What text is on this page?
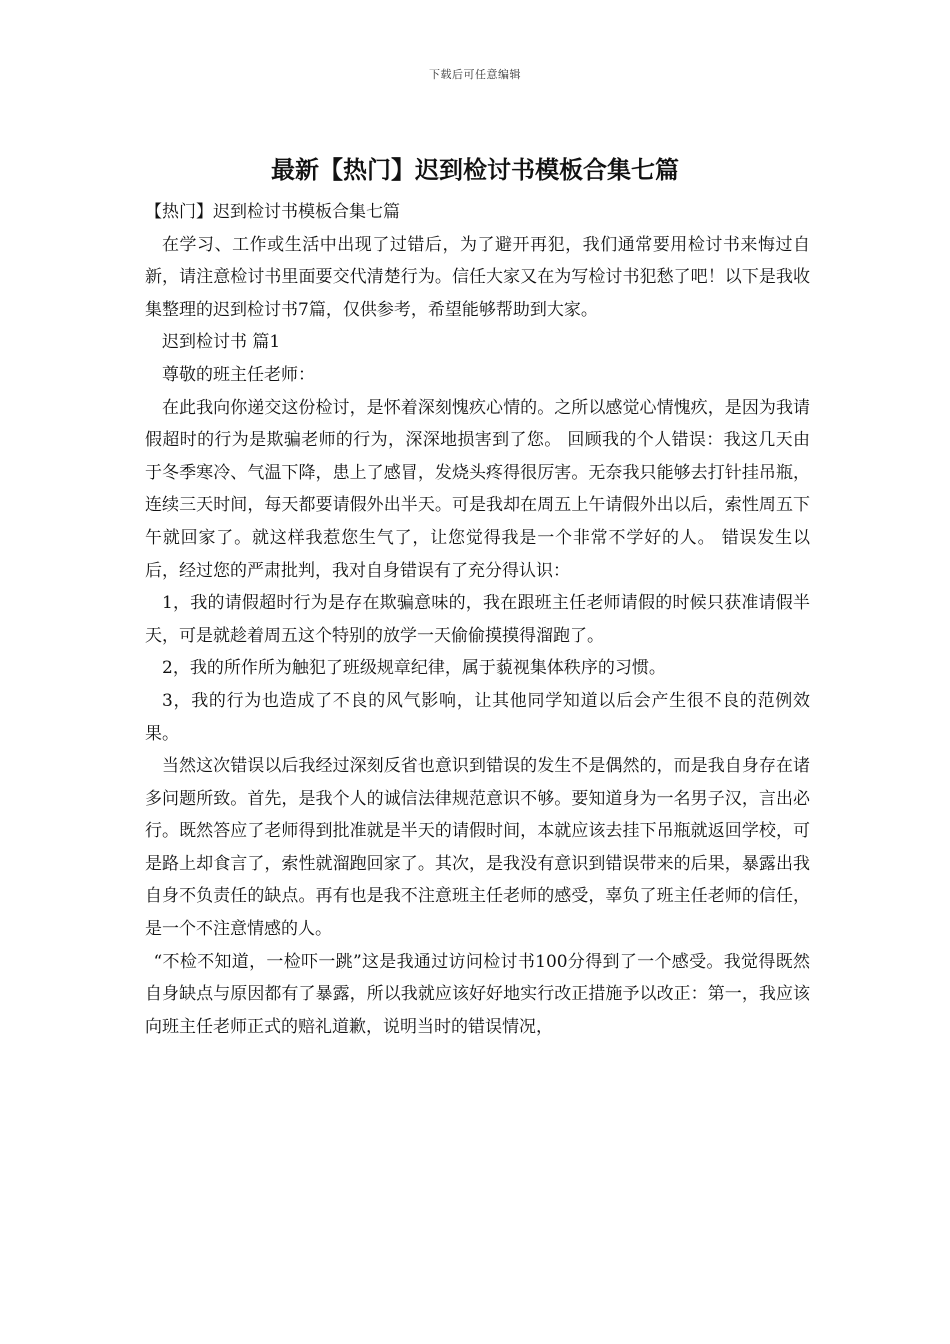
下载后可任意编辑
最新【热门】迟到检讨书模板合集七篇

【热门】迟到检讨书模板合集七篇

在学习、工作或生活中出现了过错后，为了避开再犯，我们通常要用检讨书来悔过自新，请注意检讨书里面要交代清楚行为。信任大家又在为写检讨书犯愁了吧！以下是我收集整理的迟到检讨书7篇，仅供参考，希望能够帮助到大家。

迟到检讨书 篇1

尊敬的班主任老师：

在此我向你递交这份检讨，是怀着深刻愧疚心情的。之所以感觉心情愧疚，是因为我请假超时的行为是欺骗老师的行为，深深地损害到了您。 回顾我的个人错误：我这几天由于冬季寒冷、气温下降，患上了感冒，发烧头疼得很厉害。无奈我只能够去打针挂吊瓶，连续三天时间，每天都要请假外出半天。可是我却在周五上午请假外出以后，索性周五下午就回家了。就这样我惹您生气了，让您觉得我是一个非常不学好的人。 错误发生以后，经过您的严肃批判，我对自身错误有了充分得认识：

1，我的请假超时行为是存在欺骗意味的，我在跟班主任老师请假的时候只获准请假半天，可是就趁着周五这个特别的放学一天偷偷摸摸得溜跑了。

2，我的所作所为触犯了班级规章纪律，属于藐视集体秩序的习惯。

3，我的行为也造成了不良的风气影响，让其他同学知道以后会产生很不良的范例效果。

当然这次错误以后我经过深刻反省也意识到错误的发生不是偶然的，而是我自身存在诸多问题所致。首先，是我个人的诚信法律规范意识不够。要知道身为一名男子汉，言出必行。既然答应了老师得到批准就是半天的请假时间，本就应该去挂下吊瓶就返回学校，可是路上却食言了，索性就溜跑回家了。其次，是我没有意识到错误带来的后果，暴露出我自身不负责任的缺点。再有也是我不注意班主任老师的感受，辜负了班主任老师的信任，是一个不注意情感的人。

“不检不知道，一检吓一跳”这是我通过访问检讨书100分得到了一个感受。我觉得既然自身缺点与原因都有了暴露，所以我就应该好好地实行改正措施予以改正：第一，我应该向班主任老师正式的赔礼道歉，说明当时的错误情况，
